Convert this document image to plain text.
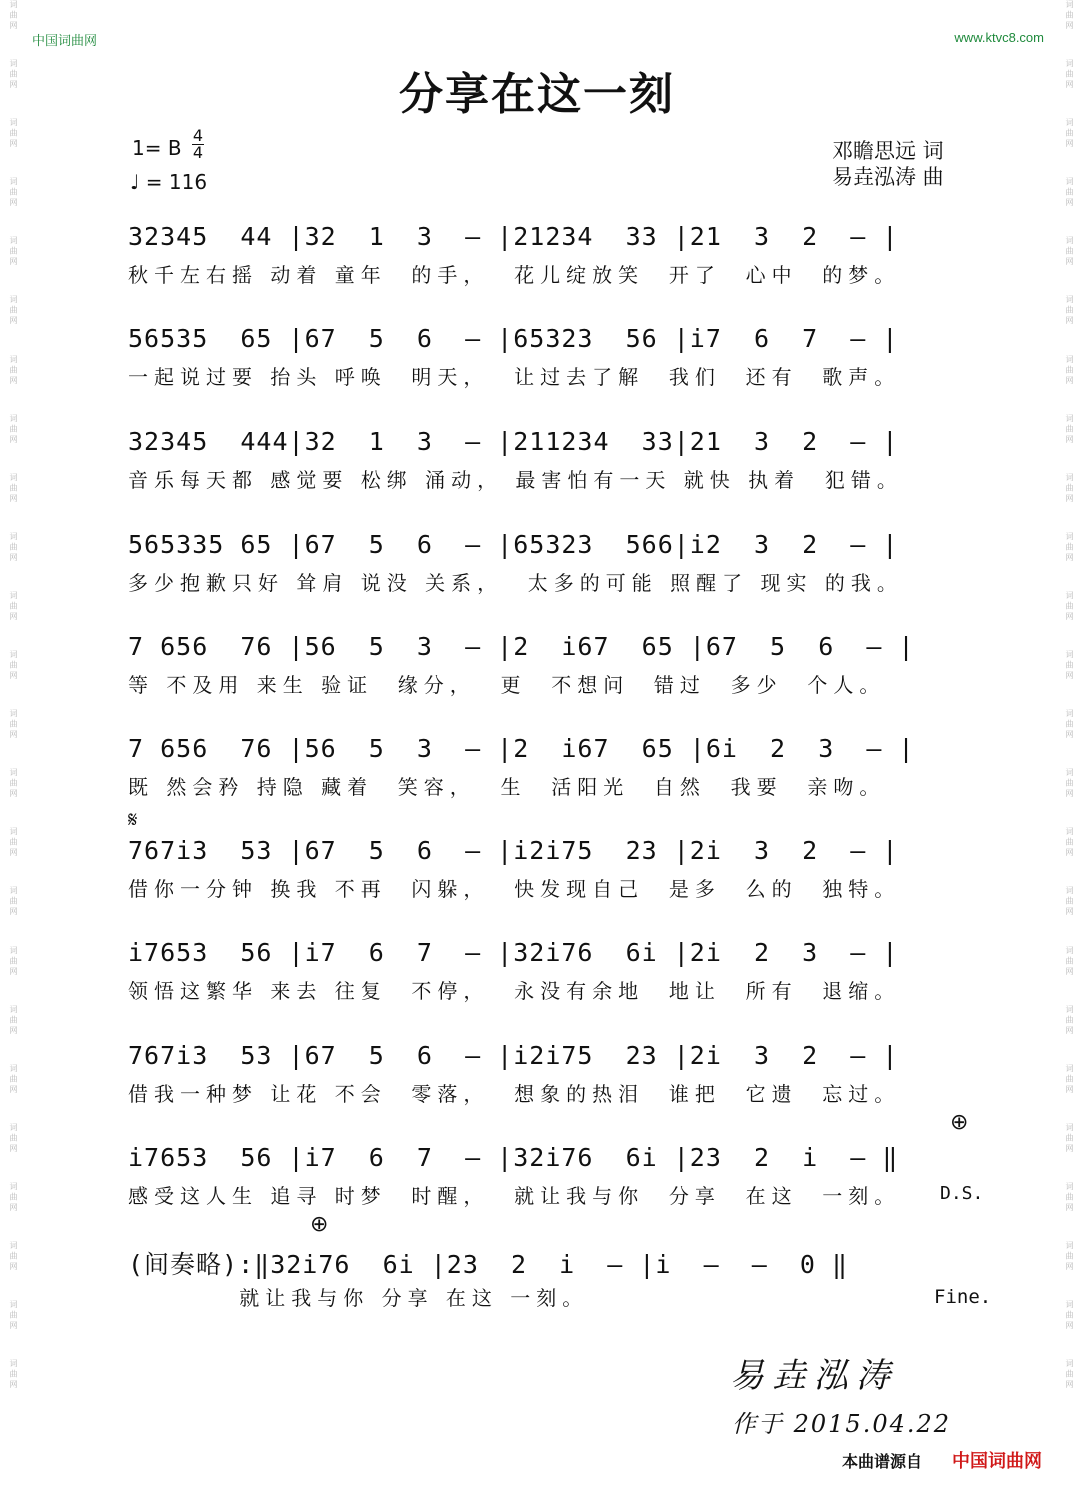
词 曲 网
词 曲 网
词 曲 网
词 曲 网
词 曲 网
词 曲 网
词 曲 网
词 曲 网
词 曲 网
词 曲 网
词 曲 网
词 曲 网
词 曲 网
词 曲 网
词 曲 网
词 曲 网
词 曲 网
词 曲 网
词 曲 网
词 曲 网
词 曲 网
词 曲 网
词 曲 网
词 曲 网
词 曲 网
词 曲 网
词 曲 网
词 曲 网
词 曲 网
词 曲 网
词 曲 网
词 曲 网
词 曲 网
词 曲 网
词 曲 网
词 曲 网
词 曲 网
词 曲 网
词 曲 网
词 曲 网
词 曲 网
词 曲 网
词 曲 网
词 曲 网
词 曲 网
词 曲 网
词 曲 网
词 曲 网
中国词曲网	www.ktvc8.com
分享在这一刻
1= B
4
4
♩ = 116
邓瞻思远 词
易垚泓涛 曲
32345  44 |32  1  3  — |21234  33 |21  3  2  — |
秋千左右摇 动着 童年  的手，  花儿绽放笑  开了  心中  的梦。
56535  65 |67  5  6  — |65323  56 |i7  6  7  — |
一起说过要 抬头 呼唤  明天，  让过去了解  我们  还有  歌声。
32345  444|32  1  3  — |211234  33|21  3  2  — |
音乐每天都 感觉要 松绑 涌动， 最害怕有一天 就快 执着  犯错。
565335 65 |67  5  6  — |65323  566|i2  3  2  — |
多少抱歉只好 耸肩 说没 关系，  太多的可能 照醒了 现实 的我。
7 656  76 |56  5  3  — |2  i67  65 |67  5  6  — |
等 不及用 来生 验证  缘分，  更  不想问  错过  多少  个人。
7 656  76 |56  5  3  — |2  i67  65 |6i  2  3  — |
既 然会矜 持隐 藏着  笑容，  生  活阳光  自然  我要  亲吻。
767i3  53 |67  5  6  — |i2i75  23 |2i  3  2  — |
借你一分钟 换我 不再  闪躲，  快发现自己  是多  么的  独特。
i7653  56 |i7  6  7  — |32i76  6i |2i  2  3  — |
领悟这繁华 来去 往复  不停，  永没有余地  地让  所有  退缩。
767i3  53 |67  5  6  — |i2i75  23 |2i  3  2  — |
借我一种梦 让花 不会  零落，  想象的热泪  谁把  它遗  忘过。
i7653  56 |i7  6  7  — |32i76  6i |23  2  i  — ‖
感受这人生 追寻 时梦  时醒，  就让我与你  分享  在这  一刻。
(间奏略):‖32i76  6i |23  2  i  — |i  —  —  0 ‖
就让我与你 分享 在这 一刻。
𝄋
⊕
⊕
D.S.
Fine.
易垚泓涛
作于 2015.04.22
本曲谱源自 中国词曲网
